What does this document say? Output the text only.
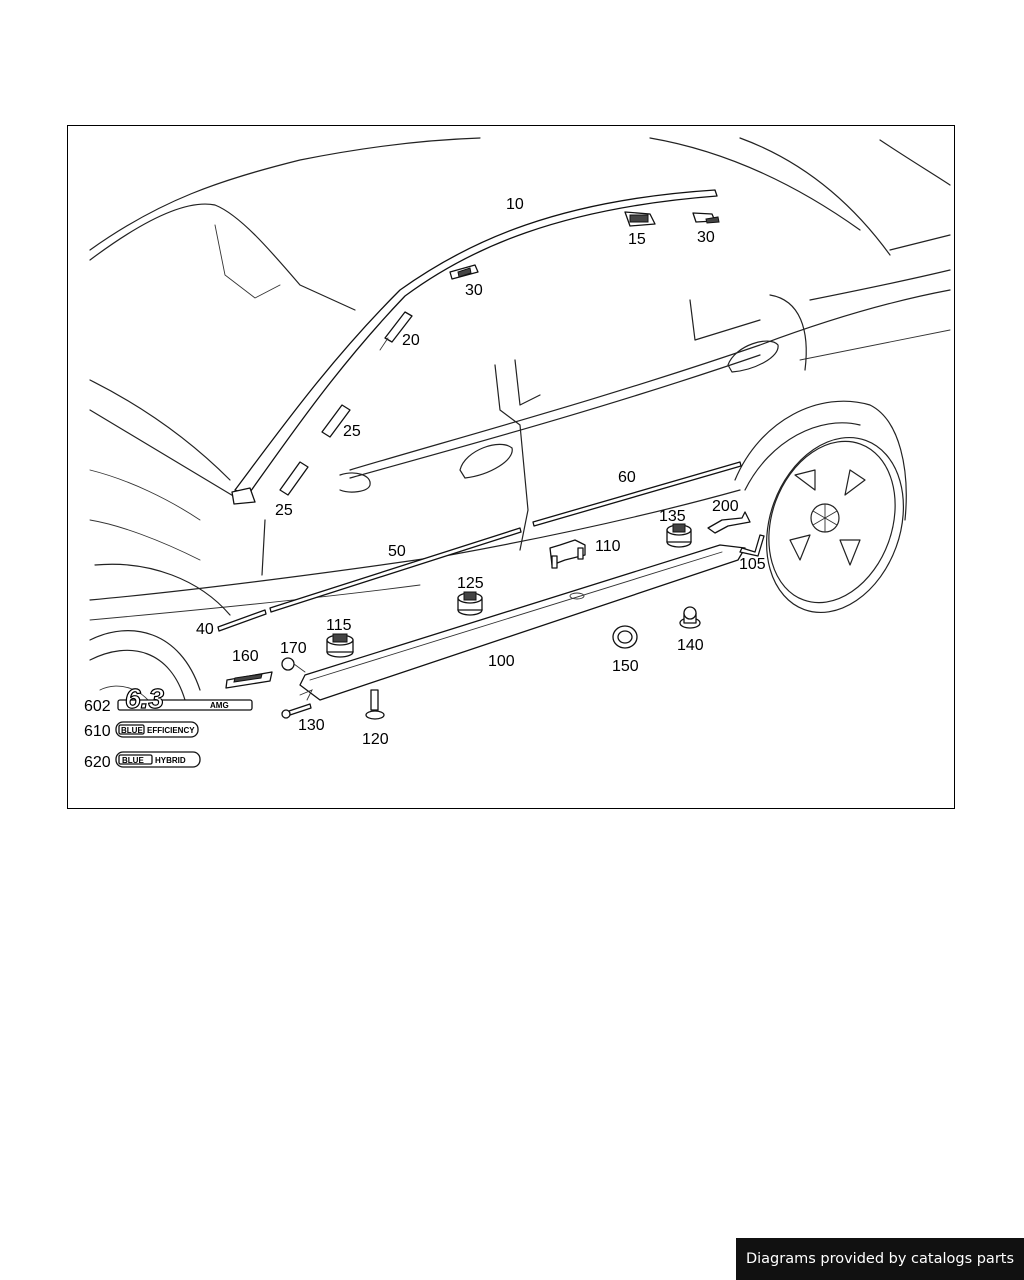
6.3	AMG
BLUE EFFICIENCY
BLUE HYBRID
10
15	30
30
20
25
25
60
200
135
105
110
50
125
40	115
170
160
140
150
100
602
610
620
130
120
Diagrams provided by catalogs parts
